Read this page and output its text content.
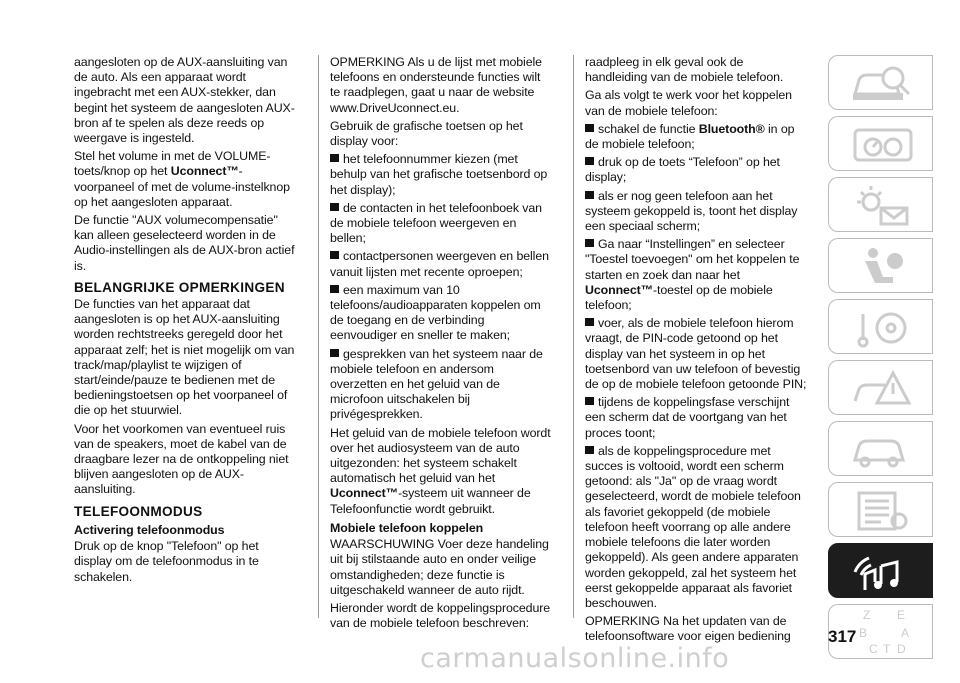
aangesloten op de AUX-aansluiting van de auto. Als een apparaat wordt ingebracht met een AUX-stekker, dan begint het systeem de aangesloten AUX-bron af te spelen als deze reeds op weergave is ingesteld.

Stel het volume in met de VOLUME-toets/knop op het Uconnect™-voorpaneel of met de volume-instelknop op het aangesloten apparaat.

De functie "AUX volumecompensatie" kan alleen geselecteerd worden in de Audio-instellingen als de AUX-bron actief is.

BELANGRIJKE OPMERKINGEN

De functies van het apparaat dat aangesloten is op het AUX-aansluiting worden rechtstreeks geregeld door het apparaat zelf; het is niet mogelijk om van track/map/playlist te wijzigen of start/einde/pauze te bedienen met de bedieningstoetsen op het voorpaneel of die op het stuurwiel.

Voor het voorkomen van eventueel ruis van de speakers, moet de kabel van de draagbare lezer na de ontkoppeling niet blijven aangesloten op de AUX-aansluiting.

TELEFOONMODUS

Activering telefoonmodus

Druk op de knop "Telefoon" op het display om de telefoonmodus in te schakelen.

OPMERKING Als u de lijst met mobiele telefoons en ondersteunde functies wilt te raadplegen, gaat u naar de website www.DriveUconnect.eu.

Gebruik de grafische toetsen op het display voor:

het telefoonnummer kiezen (met behulp van het grafische toetsenbord op het display);

de contacten in het telefoonboek van de mobiele telefoon weergeven en bellen;

contactpersonen weergeven en bellen vanuit lijsten met recente oproepen;

een maximum van 10 telefoons/audioapparaten koppelen om de toegang en de verbinding eenvoudiger en sneller te maken;

gesprekken van het systeem naar de mobiele telefoon en andersom overzetten en het geluid van de microfoon uitschakelen bij privégesprekken.

Het geluid van de mobiele telefoon wordt over het audiosysteem van de auto uitgezonden: het systeem schakelt automatisch het geluid van het Uconnect™-systeem uit wanneer de Telefoonfunctie wordt gebruikt.

Mobiele telefoon koppelen

WAARSCHUWING Voer deze handeling uit bij stilstaande auto en onder veilige omstandigheden; deze functie is uitgeschakeld wanneer de auto rijdt.

Hieronder wordt de koppelingsprocedure van de mobiele telefoon beschreven:

raadpleeg in elk geval ook de handleiding van de mobiele telefoon.

Ga als volgt te werk voor het koppelen van de mobiele telefoon:

schakel de functie Bluetooth® in op de mobiele telefoon;

druk op de toets “Telefoon” op het display;

als er nog geen telefoon aan het systeem gekoppeld is, toont het display een speciaal scherm;

Ga naar “Instellingen” en selecteer "Toestel toevoegen" om het koppelen te starten en zoek dan naar het Uconnect™-toestel op de mobiele telefoon;

voer, als de mobiele telefoon hierom vraagt, de PIN-code getoond op het display van het systeem in op het toetsenbord van uw telefoon of bevestig de op de mobiele telefoon getoonde PIN;

tijdens de koppelingsfase verschijnt een scherm dat de voortgang van het proces toont;

als de koppelingsprocedure met succes is voltooid, wordt een scherm getoond: als "Ja" op de vraag wordt geselecteerd, wordt de mobiele telefoon als favoriet gekoppeld (de mobiele telefoon heeft voorrang op alle andere mobiele telefoons die later worden gekoppeld). Als geen andere apparaten worden gekoppeld, zal het systeem het eerst gekoppelde apparaat als favoriet beschouwen.

OPMERKING Na het updaten van de telefoonsoftware voor eigen bediening

Z E
B	A
C T D
317
carmanualsonline.info
